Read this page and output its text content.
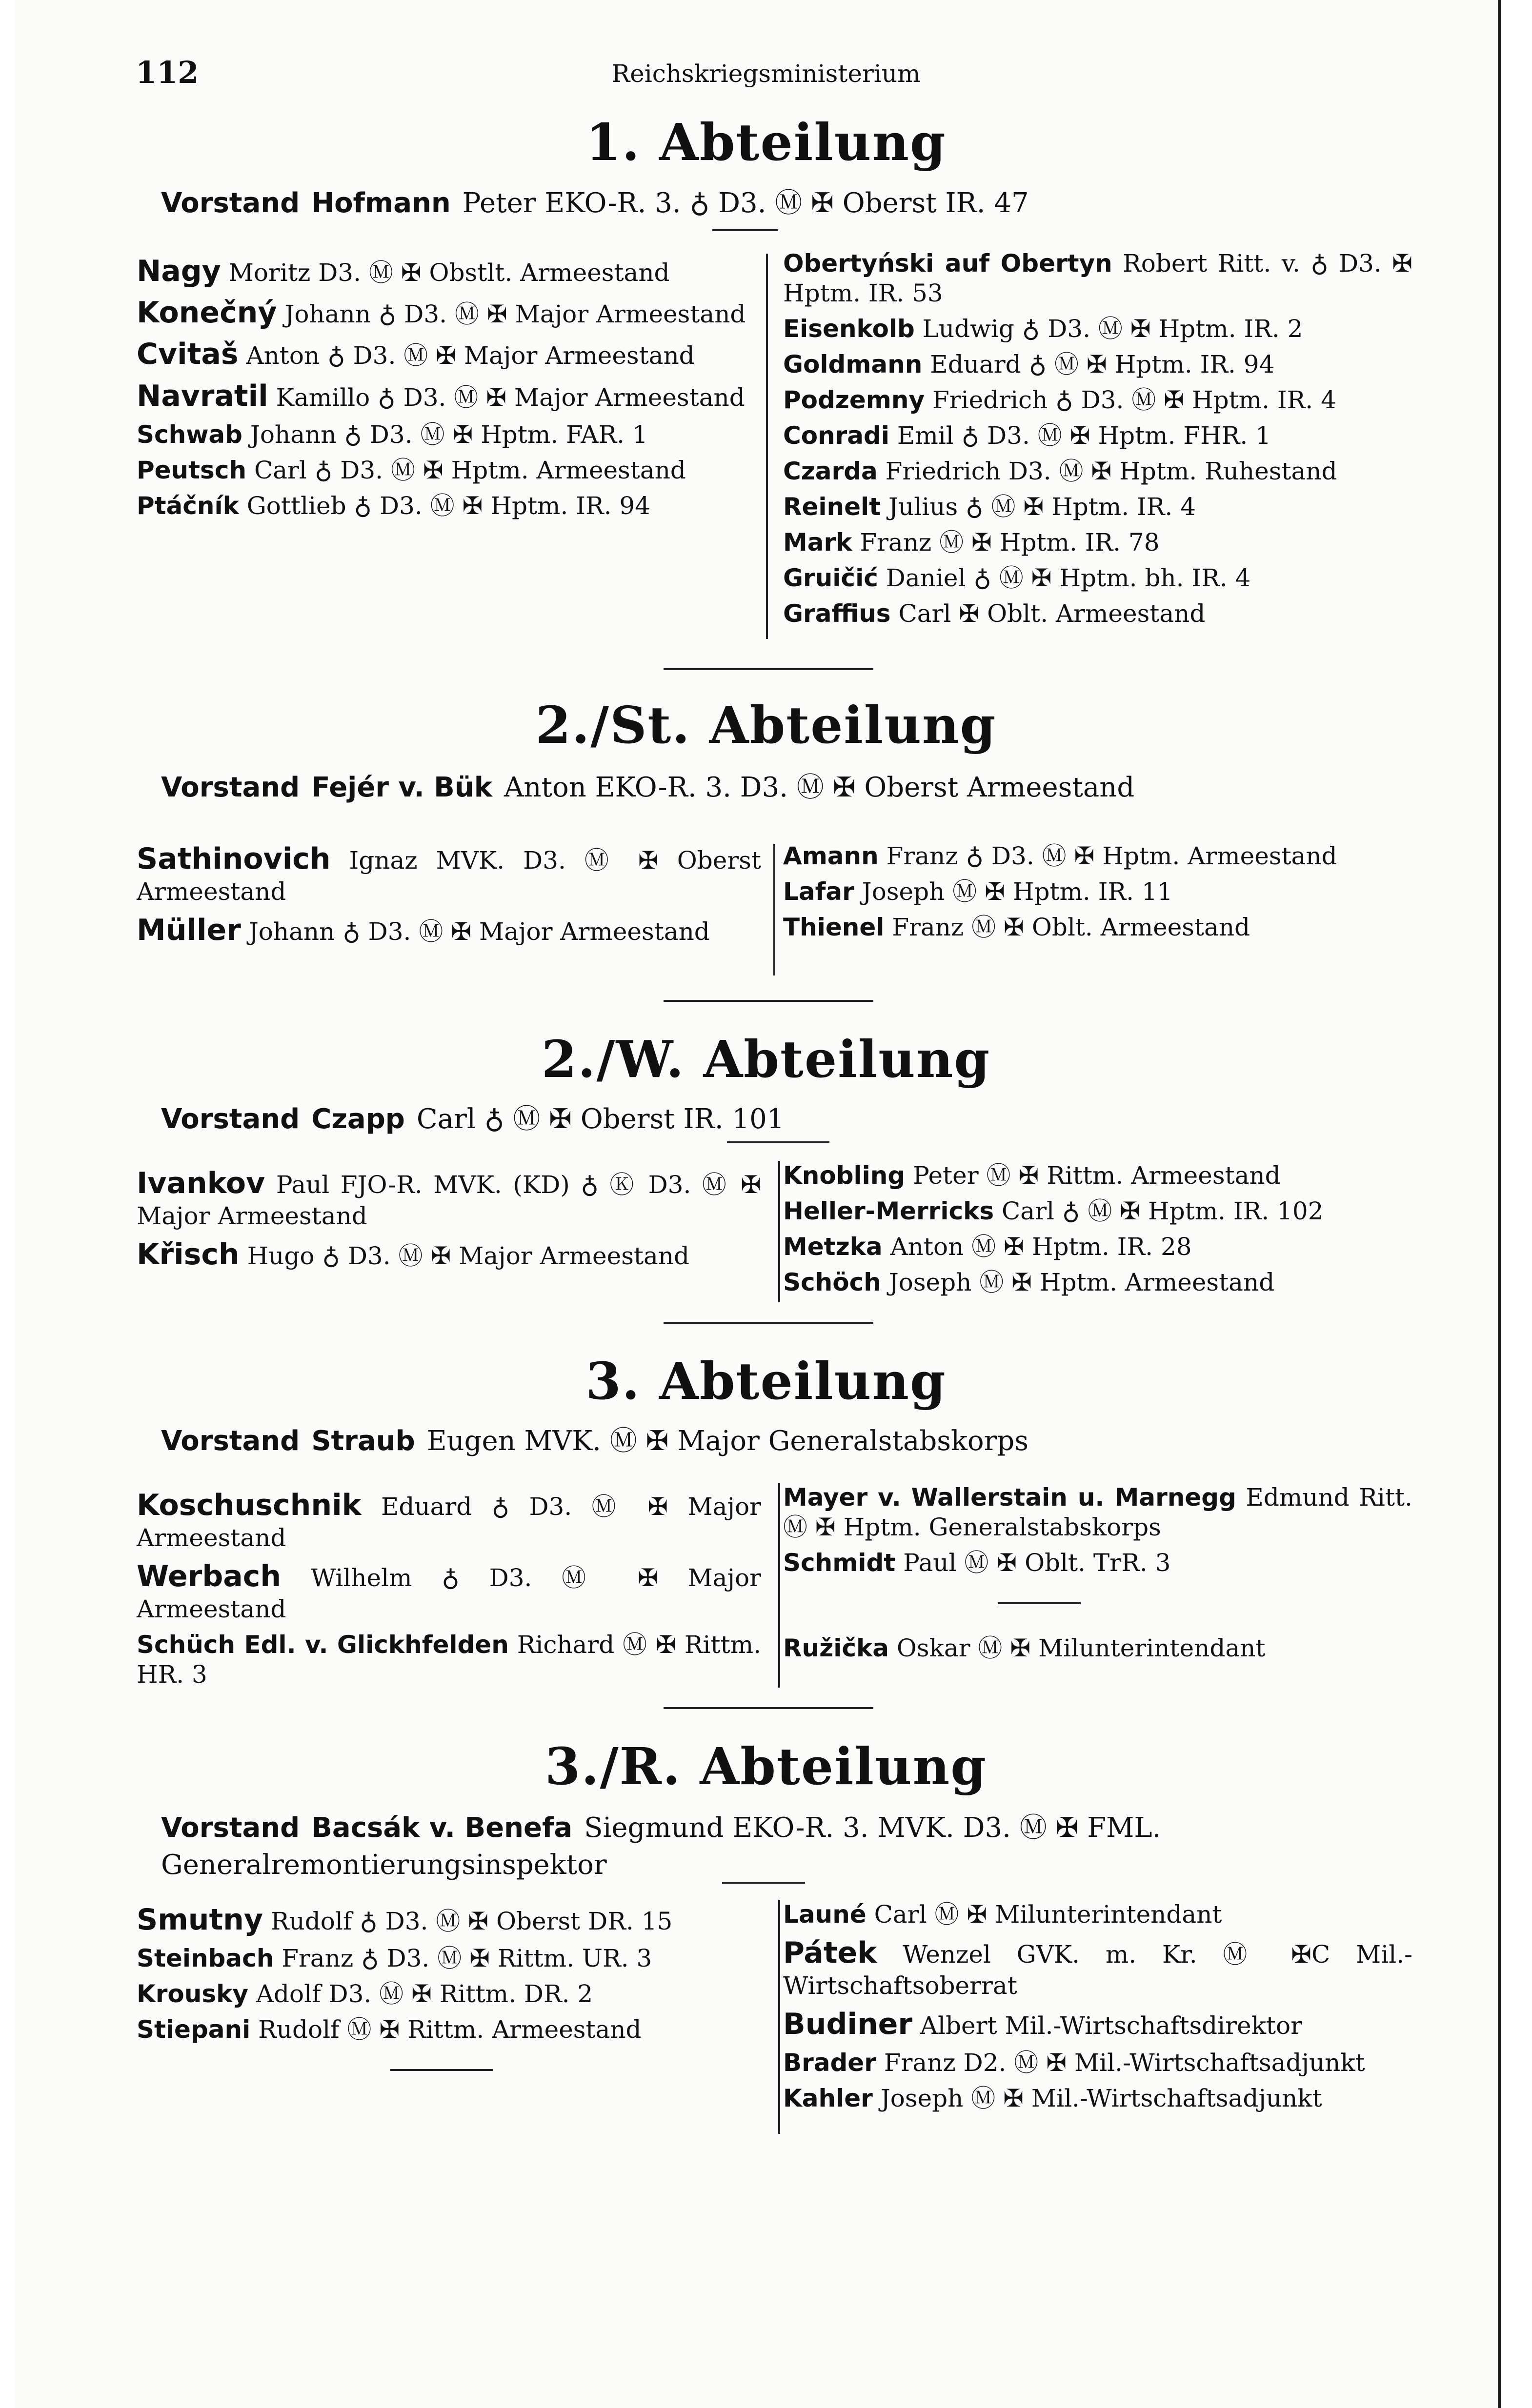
112	Reichskriegsministerium
1. Abteilung
Vorstand Hofmann Peter EKO-R. 3. ♁ D3. Ⓜ ✠ Oberst IR. 47
Nagy Moritz D3. Ⓜ ✠ Obstlt. Armeestand
Konečný Johann ♁ D3. Ⓜ ✠ Major Armeestand
Cvitaš Anton ♁ D3. Ⓜ ✠ Major Armeestand
Navratil Kamillo ♁ D3. Ⓜ ✠ Major Armeestand
Schwab Johann ♁ D3. Ⓜ ✠ Hptm. FAR. 1
Peutsch Carl ♁ D3. Ⓜ ✠ Hptm. Armeestand
Ptáčník Gottlieb ♁ D3. Ⓜ ✠ Hptm. IR. 94
Obertyński auf Obertyn Robert Ritt. v. ♁ D3. ✠ Hptm. IR. 53
Eisenkolb Ludwig ♁ D3. Ⓜ ✠ Hptm. IR. 2
Goldmann Eduard ♁ Ⓜ ✠ Hptm. IR. 94
Podzemny Friedrich ♁ D3. Ⓜ ✠ Hptm. IR. 4
Conradi Emil ♁ D3. Ⓜ ✠ Hptm. FHR. 1
Czarda Friedrich D3. Ⓜ ✠ Hptm. Ruhestand
Reinelt Julius ♁ Ⓜ ✠ Hptm. IR. 4
Mark Franz Ⓜ ✠ Hptm. IR. 78
Gruičić Daniel ♁ Ⓜ ✠ Hptm. bh. IR. 4
Graffius Carl ✠ Oblt. Armeestand
2./St. Abteilung
Vorstand Fejér v. Bük Anton EKO-R. 3. D3. Ⓜ ✠ Oberst Armeestand
Sathinovich Ignaz MVK. D3. Ⓜ ✠ Oberst Armeestand
Müller Johann ♁ D3. Ⓜ ✠ Major Armeestand
Amann Franz ♁ D3. Ⓜ ✠ Hptm. Armeestand
Lafar Joseph Ⓜ ✠ Hptm. IR. 11
Thienel Franz Ⓜ ✠ Oblt. Armeestand
2./W. Abteilung
Vorstand Czapp Carl ♁ Ⓜ ✠ Oberst IR. 101
Ivankov Paul FJO-R. MVK. (KD) ♁ Ⓚ D3. Ⓜ ✠ Major Armeestand
Křisch Hugo ♁ D3. Ⓜ ✠ Major Armeestand
Knobling Peter Ⓜ ✠ Rittm. Armeestand
Heller-Merricks Carl ♁ Ⓜ ✠ Hptm. IR. 102
Metzka Anton Ⓜ ✠ Hptm. IR. 28
Schöch Joseph Ⓜ ✠ Hptm. Armeestand
3. Abteilung
Vorstand Straub Eugen MVK. Ⓜ ✠ Major Generalstabskorps
Koschuschnik Eduard ♁ D3. Ⓜ ✠ Major Armeestand
Werbach Wilhelm ♁ D3. Ⓜ ✠ Major Armeestand
Schüch Edl. v. Glickhfelden Richard Ⓜ ✠ Rittm. HR. 3
Mayer v. Wallerstain u. Marnegg Edmund Ritt. Ⓜ ✠ Hptm. Generalstabskorps
Schmidt Paul Ⓜ ✠ Oblt. TrR. 3
Ružička Oskar Ⓜ ✠ Milunterintendant
3./R. Abteilung
Vorstand Bacsák v. Benefa Siegmund EKO-R. 3. MVK. D3. Ⓜ ✠ FML. Generalremontierungsinspektor
Smutny Rudolf ♁ D3. Ⓜ ✠ Oberst DR. 15
Steinbach Franz ♁ D3. Ⓜ ✠ Rittm. UR. 3
Krousky Adolf D3. Ⓜ ✠ Rittm. DR. 2
Stiepani Rudolf Ⓜ ✠ Rittm. Armeestand
Launé Carl Ⓜ ✠ Milunterintendant
Pátek Wenzel GVK. m. Kr. Ⓜ ✠C Mil.-Wirtschaftsoberrat
Budiner Albert Mil.-Wirtschaftsdirektor
Brader Franz D2. Ⓜ ✠ Mil.-Wirtschaftsadjunkt
Kahler Joseph Ⓜ ✠ Mil.-Wirtschaftsadjunkt
